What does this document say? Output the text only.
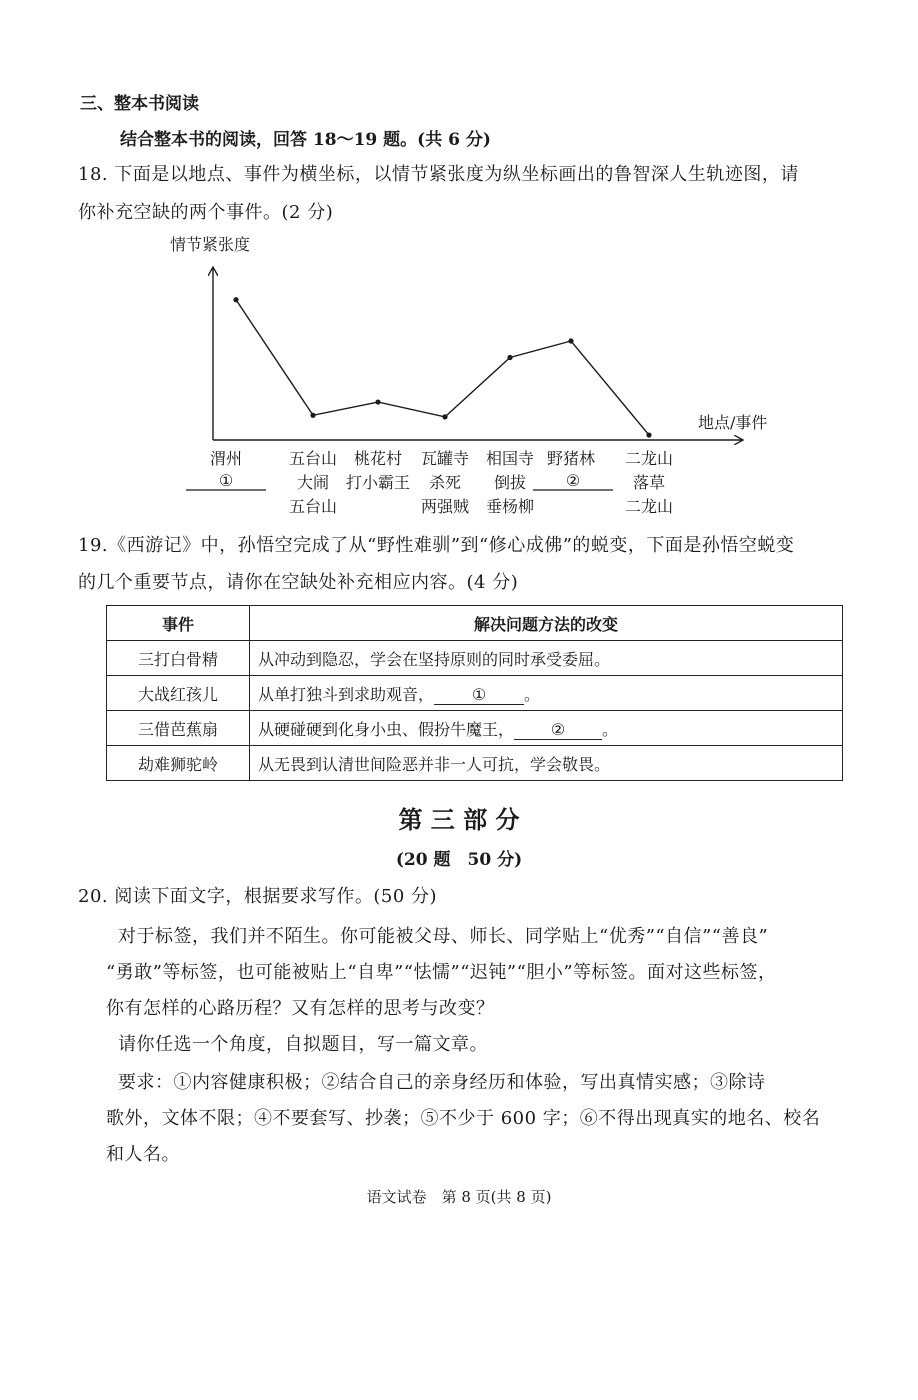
三、整本书阅读
结合整本书的阅读，回答 18～19 题。(共 6 分)
18. 下面是以地点、事件为横坐标，以情节紧张度为纵坐标画出的鲁智深人生轨迹图，请
你补充空缺的两个事件。(2 分)
情节紧张度
地点/事件
渭州
①
五台山
大闹
五台山
桃花村
打小霸王
瓦罐寺
杀死
两强贼
相国寺
倒拔
垂杨柳
野猪林
②
二龙山
落草
二龙山
19.《西游记》中，孙悟空完成了从“野性难驯”到“修心成佛”的蜕变，下面是孙悟空蜕变
的几个重要节点，请你在空缺处补充相应内容。(4 分)
事件	解决问题方法的改变
三打白骨精	从冲动到隐忍，学会在坚持原则的同时承受委屈。
大战红孩儿	从单打独斗到求助观音， ① 。
三借芭蕉扇	从硬碰硬到化身小虫、假扮牛魔王， ② 。
劫难狮驼岭	从无畏到认清世间险恶并非一人可抗，学会敬畏。
第 三 部 分
(20 题　50 分)
20. 阅读下面文字，根据要求写作。(50 分)
对于标签，我们并不陌生。你可能被父母、师长、同学贴上“优秀”“自信”“善良”
“勇敢”等标签，也可能被贴上“自卑”“怯懦”“迟钝”“胆小”等标签。面对这些标签，
你有怎样的心路历程？又有怎样的思考与改变？
请你任选一个角度，自拟题目，写一篇文章。
要求：①内容健康积极；②结合自己的亲身经历和体验，写出真情实感；③除诗
歌外，文体不限；④不要套写、抄袭；⑤不少于 600 字；⑥不得出现真实的地名、校名
和人名。
语文试卷　第 8 页(共 8 页)
